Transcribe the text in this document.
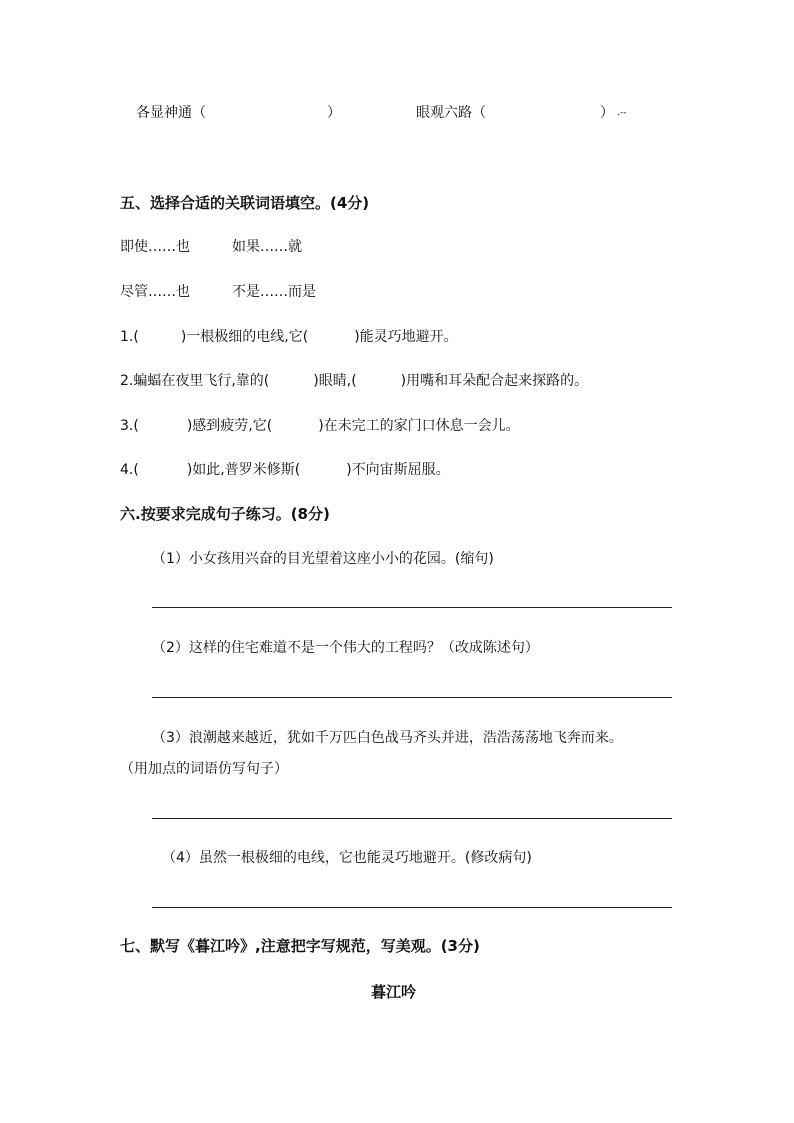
各显神通（	）	眼观六路（	） .--
五、选择合适的关联词语填空。(4分)
即使……也	如果……就
尽管……也	不是……而是
1.(	)一根极细的电线,它(	)能灵巧地避开。
2.蝙蝠在夜里飞行,靠的(	)眼睛,(	)用嘴和耳朵配合起来探路的。
3.(	)感到疲劳,它(	)在未完工的家门口休息一会儿。
4.(	)如此,普罗米修斯(	)不向宙斯屈服。
六.按要求完成句子练习。(8分)
（1）小女孩用兴奋的目光望着这座小小的花园。(缩句)
（2）这样的住宅难道不是一个伟大的工程吗？（改成陈述句）
（3）浪潮越来越近，犹如千万匹白色战马齐头并进，浩浩荡荡地飞奔而来。
（用加点的词语仿写句子）
（4）虽然一根极细的电线，它也能灵巧地避开。(修改病句)
七、默写《暮江吟》,注意把字写规范，写美观。(3分)
暮江吟
